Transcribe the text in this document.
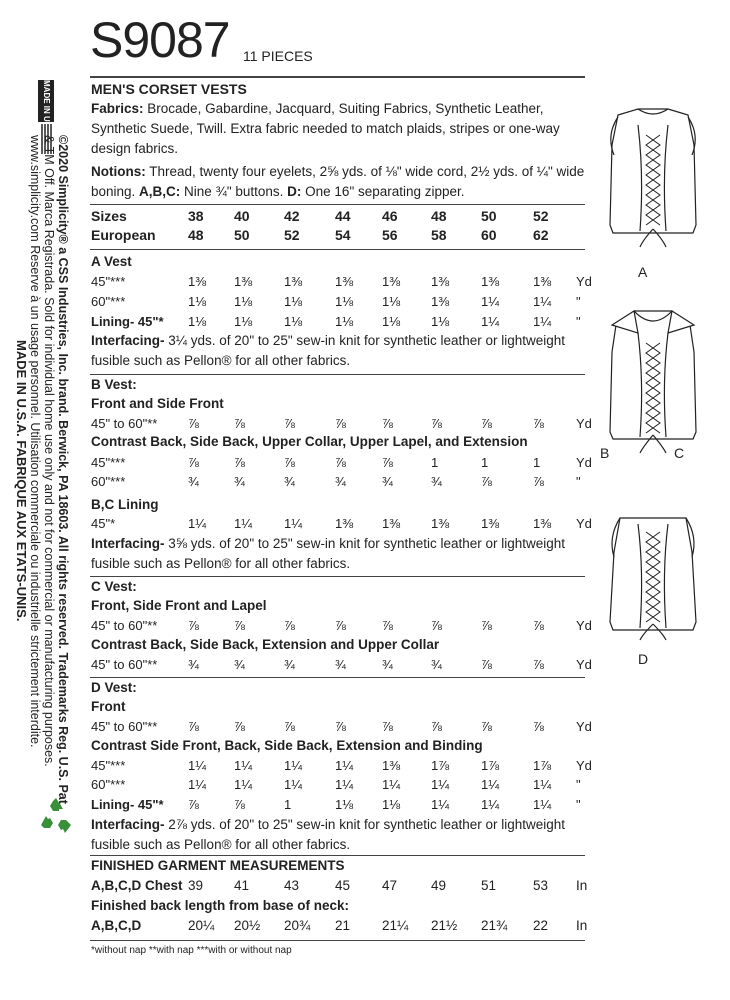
S9087 11 PIECES
MEN'S CORSET VESTS
MADE IN USA
©2020 Simplicity® a CSS Industries, Inc. brand. Berwick, PA 18603. All rights reserved. Trademarks Reg. U.S. Pat.
& TM Off. Marca Registrada. Sold for individual home use only and not for commercial or manufacturing purposes.
www.simplicity.com Reserve à un usage personnel. Utilisation commerciale ou industrielle strictement interdite.
MADE IN U.S.A. FABRIQUE AUX ETATS-UNIS.
Fabrics: Brocade, Gabardine, Jacquard, Suiting Fabrics, Synthetic Leather,
Synthetic Suede, Twill. Extra fabric needed to match plaids, stripes or one-way
design fabrics.
Notions: Thread, twenty four eyelets, 2⅝ yds. of ⅛" wide cord, 2½ yds. of ¼" wide
boning. A,B,C: Nine ¾" buttons. D: One 16" separating zipper.
Sizes	38 40 42	44 46 48 50	52
European 48 50 52	54 56 58 60	62
A Vest
45"***	1⅜ 1⅜ 1⅜	1⅜ 1⅜ 1⅜ 1⅜	1⅜ Yd
60"***	1⅛ 1⅛ 1⅛	1⅛ 1⅛ 1⅜ 1¼	1¼ "
Lining- 45"* 1⅛ 1⅛ 1⅛	1⅛ 1⅛ 1⅛ 1¼	1¼ "
Interfacing- 3¼ yds. of 20" to 25" sew-in knit for synthetic leather or lightweight
fusible such as Pellon® for all other fabrics.
B Vest:
Front and Side Front
45" to 60"** ⅞	⅞	⅞	⅞	⅞	⅞	⅞	⅞ Yd
Contrast Back, Side Back, Upper Collar, Upper Lapel, and Extension
45"***	⅞	⅞	⅞	⅞	⅞	1	1	1	Yd
60"***	¾	¾	¾	¾	¾	¾	⅞	⅞ "
B,C Lining
45"*	1¼ 1¼ 1¼	1⅜ 1⅜ 1⅜ 1⅜	1⅜ Yd
Interfacing- 3⅝ yds. of 20" to 25" sew-in knit for synthetic leather or lightweight
fusible such as Pellon® for all other fabrics.
C Vest:
Front, Side Front and Lapel
45" to 60"** ⅞	⅞	⅞	⅞	⅞	⅞	⅞	⅞ Yd
Contrast Back, Side Back, Extension and Upper Collar
45" to 60"** ¾	¾	¾	¾	¾	¾	⅞	⅞ Yd
D Vest:
Front
45" to 60"** ⅞	⅞	⅞	⅞	⅞	⅞	⅞	⅞ Yd
Contrast Side Front, Back, Side Back, Extension and Binding
45"***	1¼ 1¼ 1¼	1¼ 1⅜ 1⅞ 1⅞	1⅞ Yd
60"***	1¼ 1¼ 1¼	1¼ 1¼ 1¼ 1¼	1¼ "
Lining- 45"* ⅞	⅞	1	1⅛ 1⅛ 1¼ 1¼	1¼ "
Interfacing- 2⅞ yds. of 20" to 25" sew-in knit for synthetic leather or lightweight
fusible such as Pellon® for all other fabrics.
FINISHED GARMENT MEASUREMENTS
A,B,C,D Chest 39 41	43	45 47	49	51	53 In
Finished back length from base of neck:
A,B,C,D	20¼ 20½ 20¾ 21 21¼ 21½ 21¾ 22 In
*without nap **with nap ***with or without nap
A
B	C
D
